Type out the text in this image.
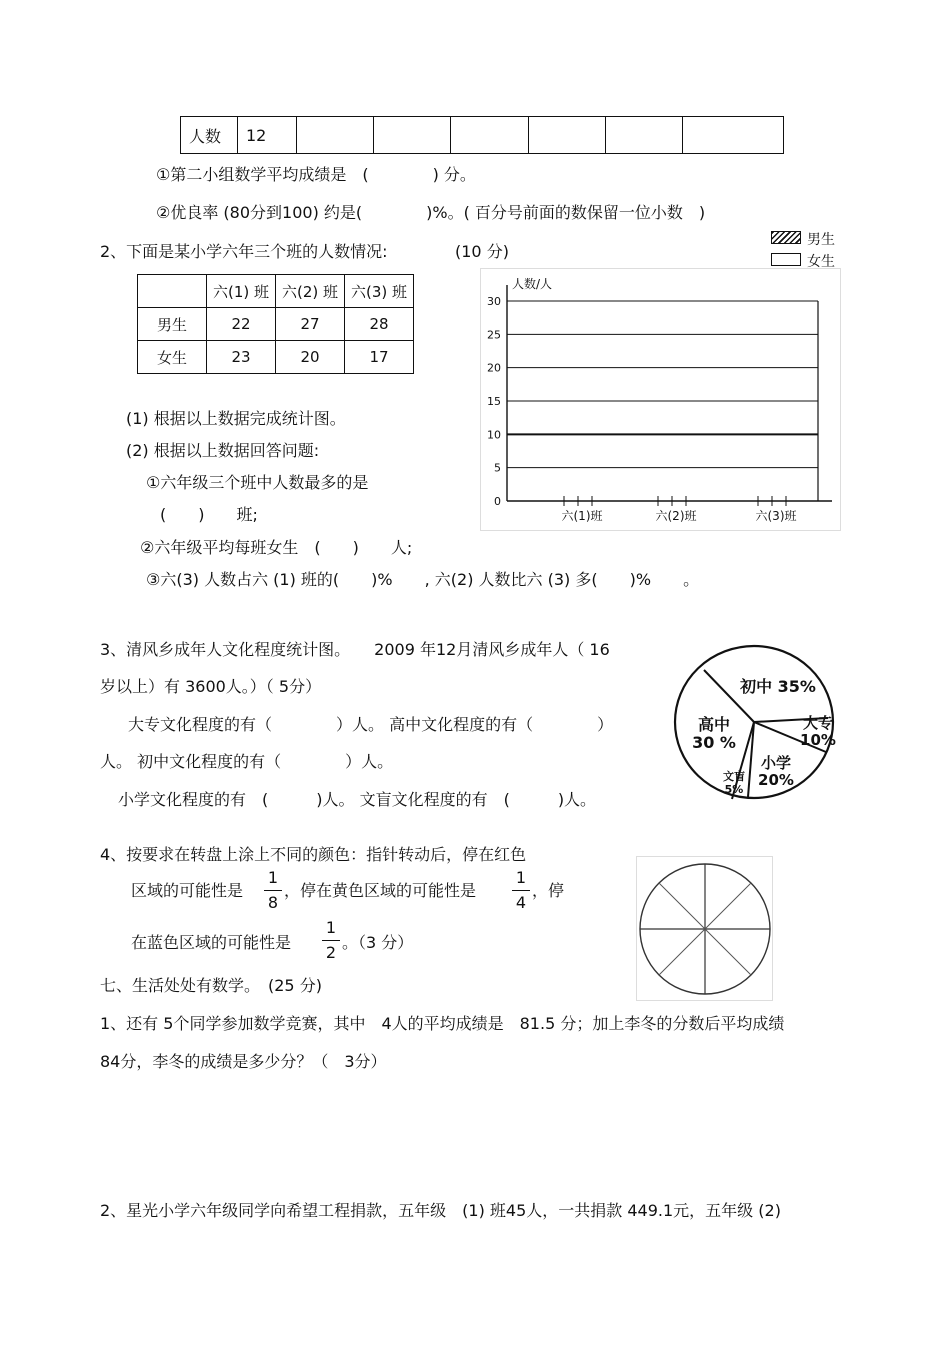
人数	12						
①第二小组数学平均成绩是　(　　　　) 分。
②优良率 (80分到100) 约是(　　　　)%。( 百分号前面的数保留一位小数　)
2、下面是某小学六年三个班的人数情况:	(10 分)
	六(1) 班	六(2) 班	六(3) 班
男生	22	27	28
女生	23	20	17
(1) 根据以上数据完成统计图。
(2) 根据以上数据回答问题:
①六年级三个班中人数最多的是
(　　)　　班;
②六年级平均每班女生　(　　)　　人;
③六(3) 人数占六 (1) 班的(　　)%　　, 六(2) 人数比六 (3) 多(　　)%　　。
男生
女生
人数/人
30
25
20
15
10
5
0
六(1)班	六(2)班	六(3)班
3、清风乡成年人文化程度统计图。　　2009 年12月清风乡成年人（ 16
岁以上）有 3600人。）（ 5分）
大专文化程度的有（　　　　）人。 高中文化程度的有（　　　　）
人。 初中文化程度的有（　　　　）人。
小学文化程度的有　(　　　)人。 文盲文化程度的有　(　　　)人。
初中 35%
大专
10%
小学
20%
文盲
5%
高中
30 %
4、按要求在转盘上涂上不同的颜色：指针转动后，停在红色
区域的可能性是
1
8
，停在黄色区域的可能性是
1
4
，停
在蓝色区域的可能性是
1
2
。（3 分）
七、生活处处有数学。　(25 分)
1、还有 5个同学参加数学竞赛，其中　4人的平均成绩是　81.5 分；加上李冬的分数后平均成绩
84分，李冬的成绩是多少分？（　3分）
2、星光小学六年级同学向希望工程捐款，五年级　(1) 班45人，一共捐款 449.1元，五年级 (2)
